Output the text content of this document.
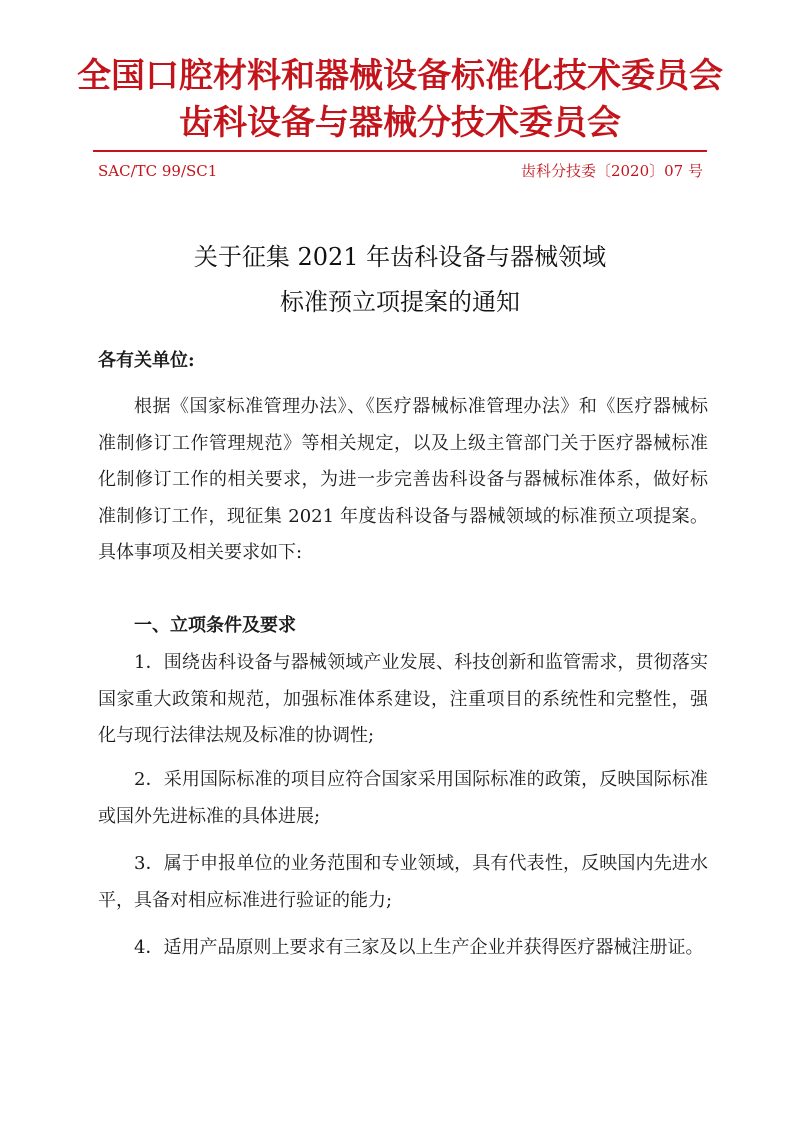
全国口腔材料和器械设备标准化技术委员会
齿科设备与器械分技术委员会
SAC/TC 99/SC1	齿科分技委〔2020〕07 号
关于征集 2021 年齿科设备与器械领域
标准预立项提案的通知
各有关单位:
根据《国家标准管理办法》、《医疗器械标准管理办法》和《医疗器械标准制修订工作管理规范》等相关规定，以及上级主管部门关于医疗器械标准化制修订工作的相关要求，为进一步完善齿科设备与器械标准体系，做好标准制修订工作，现征集 2021 年度齿科设备与器械领域的标准预立项提案。具体事项及相关要求如下:
一、立项条件及要求
1．围绕齿科设备与器械领域产业发展、科技创新和监管需求，贯彻落实国家重大政策和规范，加强标准体系建设，注重项目的系统性和完整性，强化与现行法律法规及标准的协调性;
2．采用国际标准的项目应符合国家采用国际标准的政策，反映国际标准或国外先进标准的具体进展;
3．属于申报单位的业务范围和专业领域，具有代表性，反映国内先进水平，具备对相应标准进行验证的能力;
4．适用产品原则上要求有三家及以上生产企业并获得医疗器械注册证。
